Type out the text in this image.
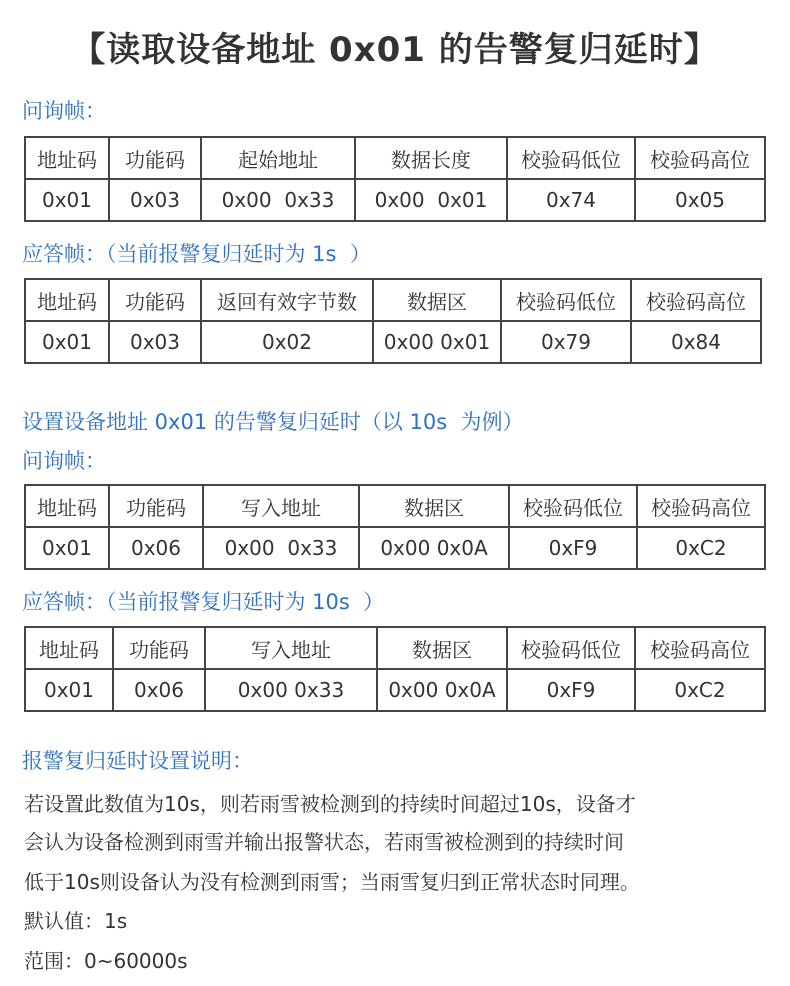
【读取设备地址 0x01 的告警复归延时】
问询帧：
地址码	功能码	起始地址	数据长度	校验码低位	校验码高位
0x01	0x03	0x00  0x33	0x00  0x01	0x74	0x05
应答帧：（当前报警复归延时为 1s  ）
地址码	功能码	返回有效字节数	数据区	校验码低位	校验码高位
0x01	0x03	0x02	0x00 0x01	0x79	0x84
设置设备地址 0x01 的告警复归延时（以 10s  为例）
问询帧：
地址码	功能码	写入地址	数据区	校验码低位	校验码高位
0x01	0x06	0x00  0x33	0x00 0x0A	0xF9	0xC2
应答帧：（当前报警复归延时为 10s  ）
地址码	功能码	写入地址	数据区	校验码低位	校验码高位
0x01	0x06	0x00 0x33	0x00 0x0A	0xF9	0xC2
报警复归延时设置说明：
若设置此数值为10s，则若雨雪被检测到的持续时间超过10s，设备才
会认为设备检测到雨雪并输出报警状态，若雨雪被检测到的持续时间
低于10s则设备认为没有检测到雨雪；当雨雪复归到正常状态时同理。
默认值：1s
范围：0~60000s
